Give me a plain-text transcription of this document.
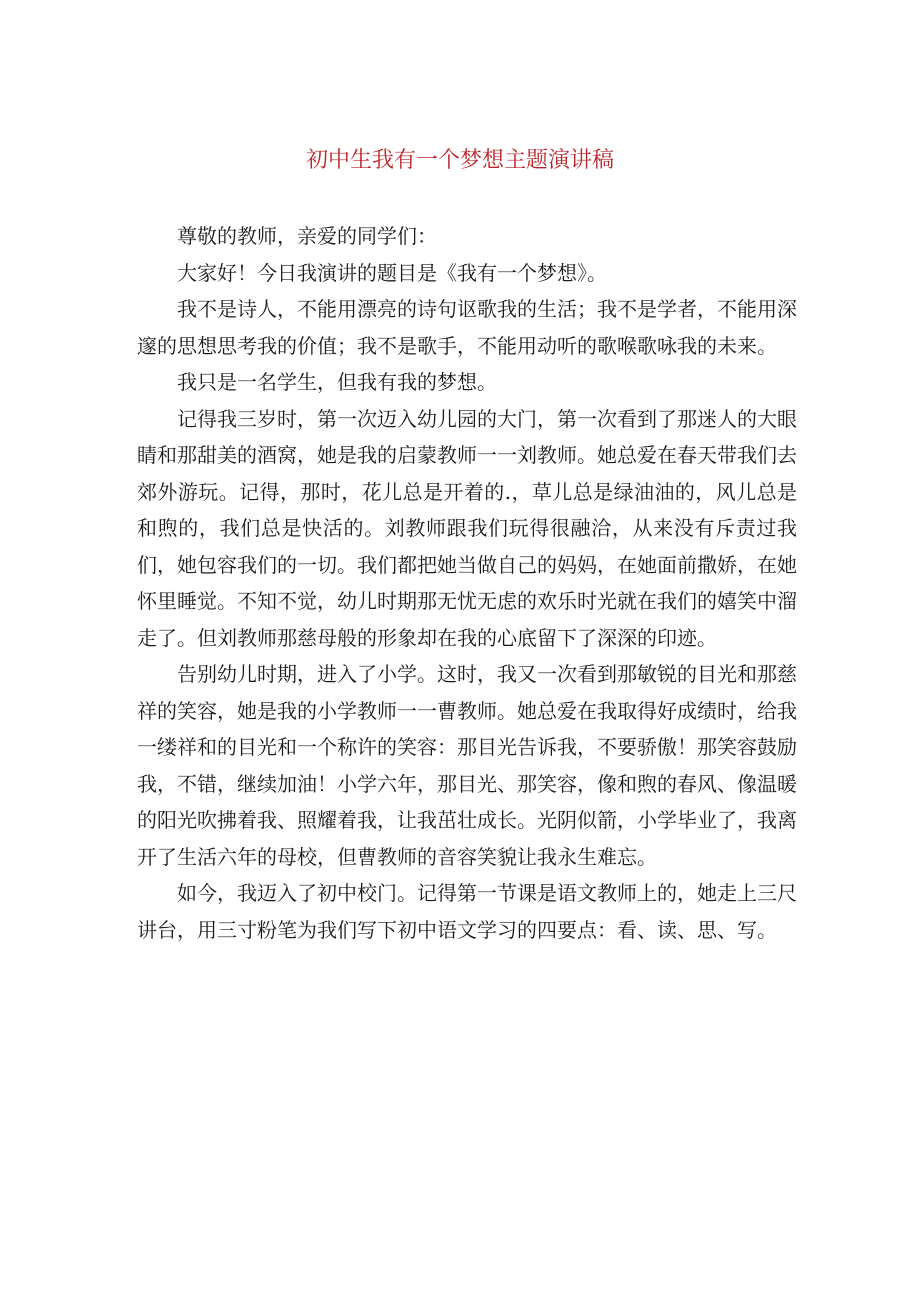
初中生我有一个梦想主题演讲稿

尊敬的教师，亲爱的同学们：

大家好！今日我演讲的题目是《我有一个梦想》。

我不是诗人，不能用漂亮的诗句讴歌我的生活；我不是学者，不能用深邃的思想思考我的价值；我不是歌手，不能用动听的歌喉歌咏我的未来。

我只是一名学生，但我有我的梦想。

记得我三岁时，第一次迈入幼儿园的大门，第一次看到了那迷人的大眼睛和那甜美的酒窝，她是我的启蒙教师一一刘教师。她总爱在春天带我们去郊外游玩。记得，那时，花儿总是开着的.，草儿总是绿油油的，风儿总是和煦的，我们总是快活的。刘教师跟我们玩得很融洽，从来没有斥责过我们，她包容我们的一切。我们都把她当做自己的妈妈，在她面前撒娇，在她怀里睡觉。不知不觉，幼儿时期那无忧无虑的欢乐时光就在我们的嬉笑中溜走了。但刘教师那慈母般的形象却在我的心底留下了深深的印迹。

告别幼儿时期，进入了小学。这时，我又一次看到那敏锐的目光和那慈祥的笑容，她是我的小学教师一一曹教师。她总爱在我取得好成绩时，给我一缕祥和的目光和一个称许的笑容：那目光告诉我，不要骄傲！那笑容鼓励我，不错，继续加油！小学六年，那目光、那笑容，像和煦的春风、像温暖的阳光吹拂着我、照耀着我，让我茁壮成长。光阴似箭，小学毕业了，我离开了生活六年的母校，但曹教师的音容笑貌让我永生难忘。

如今，我迈入了初中校门。记得第一节课是语文教师上的，她走上三尺讲台，用三寸粉笔为我们写下初中语文学习的四要点：看、读、思、写。
